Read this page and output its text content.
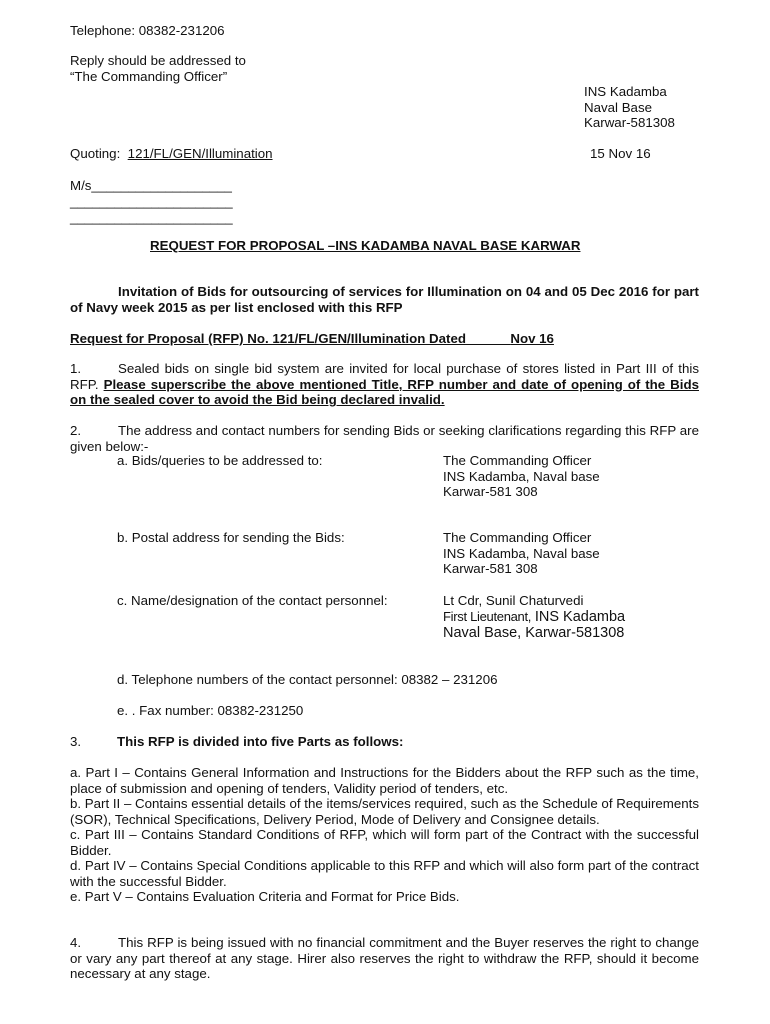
Telephone: 08382-231206
Reply should be addressed to
“The Commanding Officer”
INS Kadamba
Naval Base
Karwar-581308
Quoting: 121/FL/GEN/Illumination	15 Nov 16
M/s___________________
______________________
______________________
REQUEST FOR PROPOSAL –INS KADAMBA NAVAL BASE KARWAR
Invitation of Bids for outsourcing of services for Illumination on 04 and 05 Dec 2016 for part of Navy week 2015 as per list enclosed with this RFP
Request for Proposal (RFP) No. 121/FL/GEN/Illumination Dated	Nov 16
1.	Sealed bids on single bid system are invited for local purchase of stores listed in Part III of this RFP. Please superscribe the above mentioned Title, RFP number and date of opening of the Bids on the sealed cover to avoid the Bid being declared invalid.
2.	The address and contact numbers for sending Bids or seeking clarifications regarding this RFP are given below:-
a. Bids/queries to be addressed to:	The Commanding Officer
INS Kadamba, Naval base
Karwar-581 308
b. Postal address for sending the Bids:	The Commanding Officer
INS Kadamba, Naval base
Karwar-581 308
c. Name/designation of the contact personnel:	Lt Cdr, Sunil Chaturvedi
First Lieutenant, INS Kadamba
Naval Base, Karwar-581308
d. Telephone numbers of the contact personnel: 08382 – 231206
e. . Fax number: 08382-231250
3.	This RFP is divided into five Parts as follows:
a. Part I – Contains General Information and Instructions for the Bidders about the RFP such as the time, place of submission and opening of tenders, Validity period of tenders, etc.
b. Part II – Contains essential details of the items/services required, such as the Schedule of Requirements (SOR), Technical Specifications, Delivery Period, Mode of Delivery and Consignee details.
c. Part III – Contains Standard Conditions of RFP, which will form part of the Contract with the successful Bidder.
d. Part IV – Contains Special Conditions applicable to this RFP and which will also form part of the contract with the successful Bidder.
e. Part V – Contains Evaluation Criteria and Format for Price Bids.
4.	This RFP is being issued with no financial commitment and the Buyer reserves the right to change or vary any part thereof at any stage. Hirer also reserves the right to withdraw the RFP, should it become necessary at any stage.
